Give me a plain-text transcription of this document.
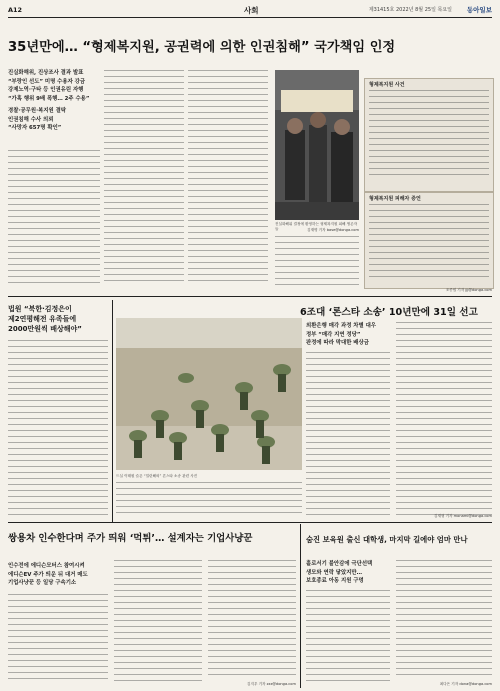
A12	사회	제31415호 2022년 8월 25일 목요일 동아일보
35년만에… “형제복지원, 공권력에 의한 인권침해” 국가책임 인정
진실화해위, 진상조사 결과 발표
“부랑인 선도” 미명 수용자 강금
강제노역·구타 등 인권유린 자행
“가혹 행위 9배 폭행… 2주 수용”
경찰·공무원·복지원 결탁
인권침해 수사 의뢰
“사망자 657명 확인”
진실화해위 결정에 환영하는 형제복지원 피해 생존자들	김재명 기자 base@donga.com
형제복지원 사건
형제복지원 피해자 증언
조종엽 기자 jjj@donga.com
법원 “북한·김정은이
제2연평해전 유족들에
2000만원씩 배상해야”
6조대 ‘론스타 소송’ 10년만에 31일 선고
드실 이태원 슬픈 “밀린해외” 론스타 소송 관련 사진
외환은행 매각 과정 차별 대우
정부 “매각 지연 정당”
판정에 따라 막대한 배상금
김재형 기자 monami@donga.com
쌍용차 인수한다며 주가 띄워 ‘먹튀’… 설계자는 기업사냥꾼
인수전에 에디슨모터스 참여시켜
에디슨EV 주가 띄운 뒤 대거 매도
기업사냥꾼 등 일당 구속기소
김지우 기자 zzz@donga.com
숨진 보육원 출신 대학생, 마지막 길에야 엄마 만나
홀로서기 불안감에 극단선택
생모와 연락 닿았지만…
보호종료 아동 지원 구멍
최다은 기자 dona@donga.com
